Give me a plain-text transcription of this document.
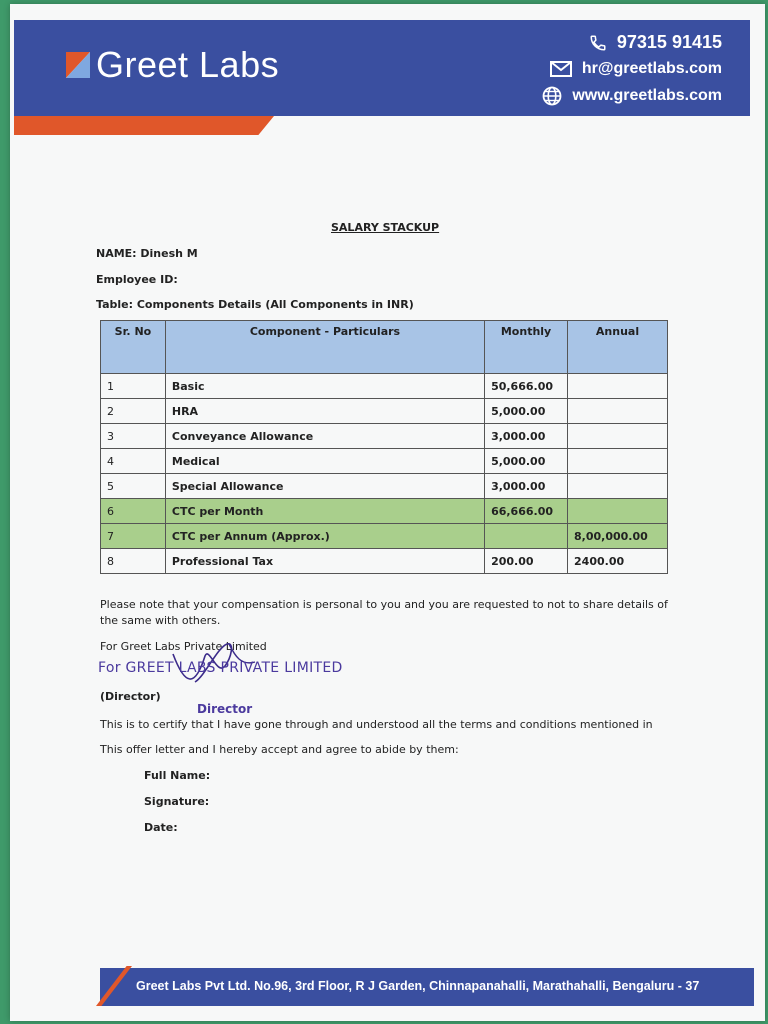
Greet Labs
97315 91415
hr@greetlabs.com
www.greetlabs.com
SALARY STACKUP
NAME: Dinesh M
Employee ID:
Table: Components Details (All Components in INR)
Sr. No	Component - Particulars	Monthly	Annual
1	Basic	50,666.00	
2	HRA	5,000.00	
3	Conveyance Allowance	3,000.00	
4	Medical	5,000.00	
5	Special Allowance	3,000.00	
6	CTC per Month	66,666.00	
7	CTC per Annum (Approx.)		8,00,000.00
8	Professional Tax	200.00	2400.00
Please note that your compensation is personal to you and you are requested to not to share details of
the same with others.
For Greet Labs Private Limited
For GREET LABS PRIVATE LIMITED
(Director)
Director
This is to certify that I have gone through and understood all the terms and conditions mentioned in
This offer letter and I hereby accept and agree to abide by them:
Full Name:
Signature:
Date:
Greet Labs Pvt Ltd. No.96, 3rd Floor, R J Garden, Chinnapanahalli, Marathahalli, Bengaluru - 37
